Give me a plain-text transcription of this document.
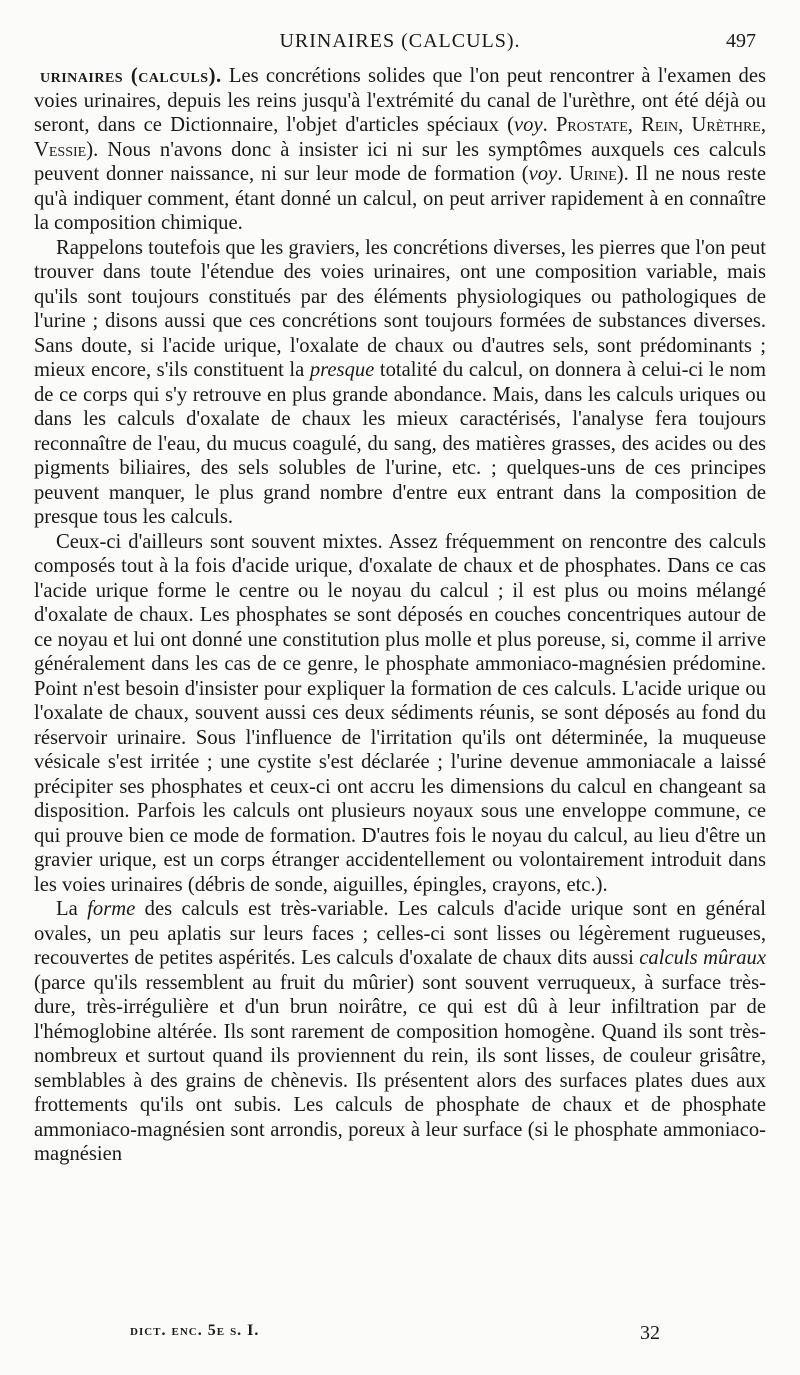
URINAIRES (CALCULS).	497

urinaires (calculs). Les concrétions solides que l'on peut rencontrer à l'examen des voies urinaires, depuis les reins jusqu'à l'extrémité du canal de l'urèthre, ont été déjà ou seront, dans ce Dictionnaire, l'objet d'articles spéciaux (voy. Prostate, Rein, Urèthre, Vessie). Nous n'avons donc à insister ici ni sur les symptômes auxquels ces calculs peuvent donner naissance, ni sur leur mode de formation (voy. Urine). Il ne nous reste qu'à indiquer comment, étant donné un calcul, on peut arriver rapidement à en connaître la composition chimique.

Rappelons toutefois que les graviers, les concrétions diverses, les pierres que l'on peut trouver dans toute l'étendue des voies urinaires, ont une composition variable, mais qu'ils sont toujours constitués par des éléments physiologiques ou pathologiques de l'urine ; disons aussi que ces concrétions sont toujours formées de substances diverses. Sans doute, si l'acide urique, l'oxalate de chaux ou d'autres sels, sont prédominants ; mieux encore, s'ils constituent la presque totalité du calcul, on donnera à celui-ci le nom de ce corps qui s'y retrouve en plus grande abondance. Mais, dans les calculs uriques ou dans les calculs d'oxalate de chaux les mieux caractérisés, l'analyse fera toujours reconnaître de l'eau, du mucus coagulé, du sang, des matières grasses, des acides ou des pigments biliaires, des sels solubles de l'urine, etc. ; quelques-uns de ces principes peuvent manquer, le plus grand nombre d'entre eux entrant dans la composition de presque tous les calculs.

Ceux-ci d'ailleurs sont souvent mixtes. Assez fréquemment on rencontre des calculs composés tout à la fois d'acide urique, d'oxalate de chaux et de phosphates. Dans ce cas l'acide urique forme le centre ou le noyau du calcul ; il est plus ou moins mélangé d'oxalate de chaux. Les phosphates se sont déposés en couches concentriques autour de ce noyau et lui ont donné une constitution plus molle et plus poreuse, si, comme il arrive généralement dans les cas de ce genre, le phosphate ammoniaco-magnésien prédomine. Point n'est besoin d'insister pour expliquer la formation de ces calculs. L'acide urique ou l'oxalate de chaux, souvent aussi ces deux sédiments réunis, se sont déposés au fond du réservoir urinaire. Sous l'influence de l'irritation qu'ils ont déterminée, la muqueuse vésicale s'est irritée ; une cystite s'est déclarée ; l'urine devenue ammoniacale a laissé précipiter ses phosphates et ceux-ci ont accru les dimensions du calcul en changeant sa disposition. Parfois les calculs ont plusieurs noyaux sous une enveloppe commune, ce qui prouve bien ce mode de formation. D'autres fois le noyau du calcul, au lieu d'être un gravier urique, est un corps étranger accidentellement ou volontairement introduit dans les voies urinaires (débris de sonde, aiguilles, épingles, crayons, etc.).

La forme des calculs est très-variable. Les calculs d'acide urique sont en général ovales, un peu aplatis sur leurs faces ; celles-ci sont lisses ou légèrement rugueuses, recouvertes de petites aspérités. Les calculs d'oxalate de chaux dits aussi calculs mûraux (parce qu'ils ressemblent au fruit du mûrier) sont souvent verruqueux, à surface très-dure, très-irrégulière et d'un brun noirâtre, ce qui est dû à leur infiltration par de l'hémoglobine altérée. Ils sont rarement de composition homogène. Quand ils sont très-nombreux et surtout quand ils proviennent du rein, ils sont lisses, de couleur grisâtre, semblables à des grains de chènevis. Ils présentent alors des surfaces plates dues aux frottements qu'ils ont subis. Les calculs de phosphate de chaux et de phosphate ammoniaco-magnésien sont arrondis, poreux à leur surface (si le phosphate ammoniaco-magnésien

dict. enc. 5e s. I.	32
